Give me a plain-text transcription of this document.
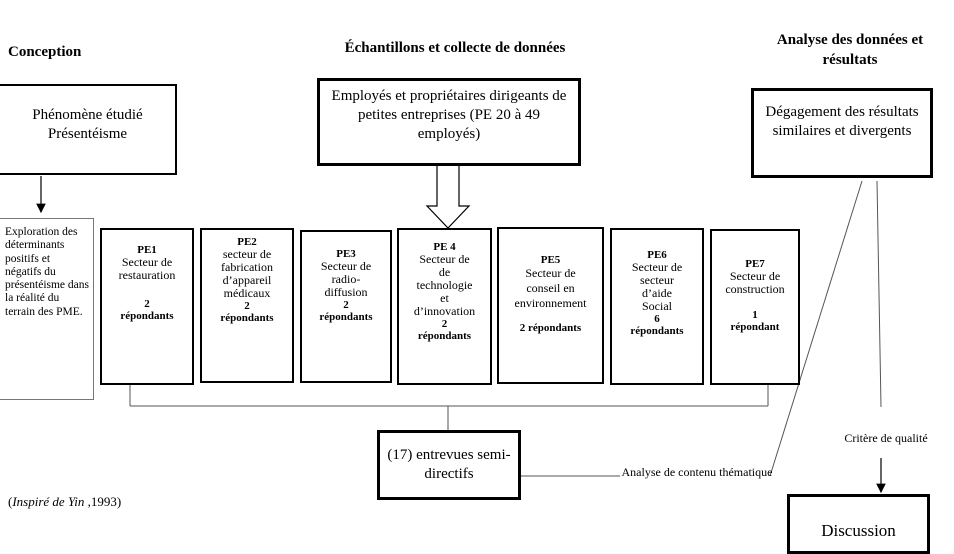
Conception	Échantillons et collecte de données	Analyse des données et résultats
Phénomène étudié Présentéisme
Employés et propriétaires dirigeants de petites entreprises (PE 20 à 49 employés)
Dégagement des résultats similaires et divergents
Exploration des déterminants positifs et négatifs du présentéisme dans la réalité du terrain des PME.
PE1
Secteur de restauration
2
répondants
PE2
secteur de fabrication d’appareil médicaux
2
répondants
PE3
Secteur de radio-diffusion
2
répondants
PE 4
Secteur de de technologie et d’innovation
2
répondants
PE5
Secteur de conseil en environnement
2 répondants
PE6
Secteur de secteur d’aide Social
6
répondants
PE7
Secteur de construction
1
répondant
(17) entrevues semi-directifs	Analyse de contenu thématique
Critère de qualité
(Inspiré de Yin ,1993)
Discussion
